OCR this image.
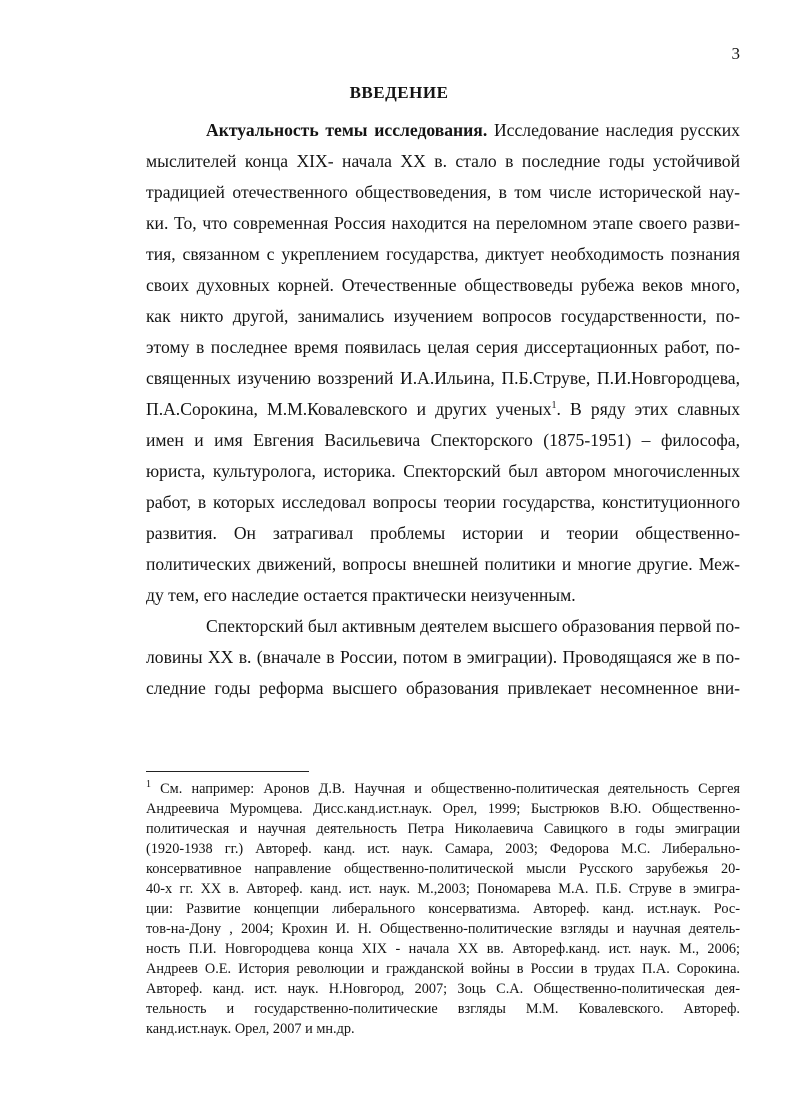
3
ВВЕДЕНИЕ
Актуальность темы исследования. Исследование наследия русских
мыслителей конца XIX- начала XX в. стало в последние годы устойчивой
традицией отечественного обществоведения, в том числе исторической нау-
ки. То, что современная Россия находится на переломном этапе своего разви-
тия, связанном с укреплением государства, диктует необходимость познания
своих духовных корней. Отечественные обществоведы рубежа веков много,
как никто другой, занимались изучением вопросов государственности, по-
этому в последнее время появилась целая серия диссертационных работ, по-
священных изучению воззрений И.А.Ильина, П.Б.Струве, П.И.Новгородцева,
П.А.Сорокина, М.М.Ковалевского и других ученых$^1$. В ряду этих славных
имен и имя Евгения Васильевича Спекторского (1875-1951) – философа,
юриста, культуролога, историка. Спекторский был автором многочисленных
работ, в которых исследовал вопросы теории государства, конституционного
развития. Он затрагивал проблемы истории и теории общественно-
политических движений, вопросы внешней политики и многие другие. Меж-
ду тем, его наследие остается практически неизученным.
Спекторский был активным деятелем высшего образования первой по-
ловины XX в. (вначале в России, потом в эмиграции). Проводящаяся же в по-
следние годы реформа высшего образования привлекает несомненное вни-
$^1$ См. например: Аронов Д.В. Научная и общественно-политическая деятельность Сергея
Андреевича Муромцева. Дисс.канд.ист.наук. Орел, 1999; Быстрюков В.Ю. Общественно-
политическая и научная деятельность Петра Николаевича Савицкого в годы эмиграции
(1920-1938 гг.) Автореф. канд. ист. наук. Самара, 2003; Федорова М.С. Либерально-
консервативное направление общественно-политической мысли Русского зарубежья 20-
40-х гг. XX в. Автореф. канд. ист. наук. М.,2003; Пономарева М.А. П.Б. Струве в эмигра-
ции: Развитие концепции либерального консерватизма. Автореф. канд. ист.наук. Рос-
тов-на-Дону , 2004; Крохин И. Н. Общественно-политические взгляды и научная деятель-
ность П.И. Новгородцева конца XIX - начала XX вв. Автореф.канд. ист. наук. М., 2006;
Андреев О.Е. История революции и гражданской войны в России в трудах П.А. Сорокина.
Автореф. канд. ист. наук. Н.Новгород, 2007; Зоць С.А. Общественно-политическая дея-
тельность и государственно-политические взгляды М.М. Ковалевского. Автореф.
канд.ист.наук. Орел, 2007 и мн.др.
